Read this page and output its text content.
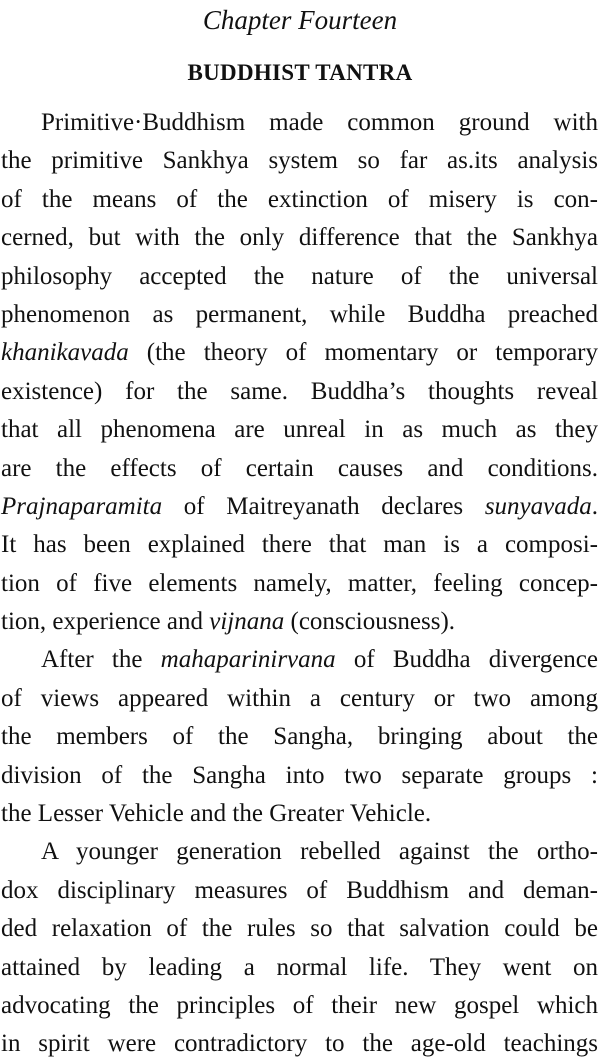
Chapter Fourteen
BUDDHIST TANTRA
Primitive·Buddhism made common ground with
the primitive Sankhya system so far as.its analysis
of the means of the extinction of misery is con-
cerned, but with the only difference that the Sankhya
philosophy accepted the nature of the universal
phenomenon as permanent, while Buddha preached
khanikavada (the theory of momentary or temporary
existence) for the same. Buddha’s thoughts reveal
that all phenomena are unreal in as much as they
are the effects of certain causes and conditions.
Prajnaparamita of Maitreyanath declares sunyavada.
It has been explained there that man is a composi-
tion of five elements namely, matter, feeling concep-
tion, experience and vijnana (consciousness).
After the mahaparinirvana of Buddha divergence
of views appeared within a century or two among
the members of the Sangha, bringing about the
division of the Sangha into two separate groups :
the Lesser Vehicle and the Greater Vehicle.
A younger generation rebelled against the ortho-
dox disciplinary measures of Buddhism and deman-
ded relaxation of the rules so that salvation could be
attained by leading a normal life. They went on
advocating the principles of their new gospel which
in spirit were contradictory to the age-old teachings
